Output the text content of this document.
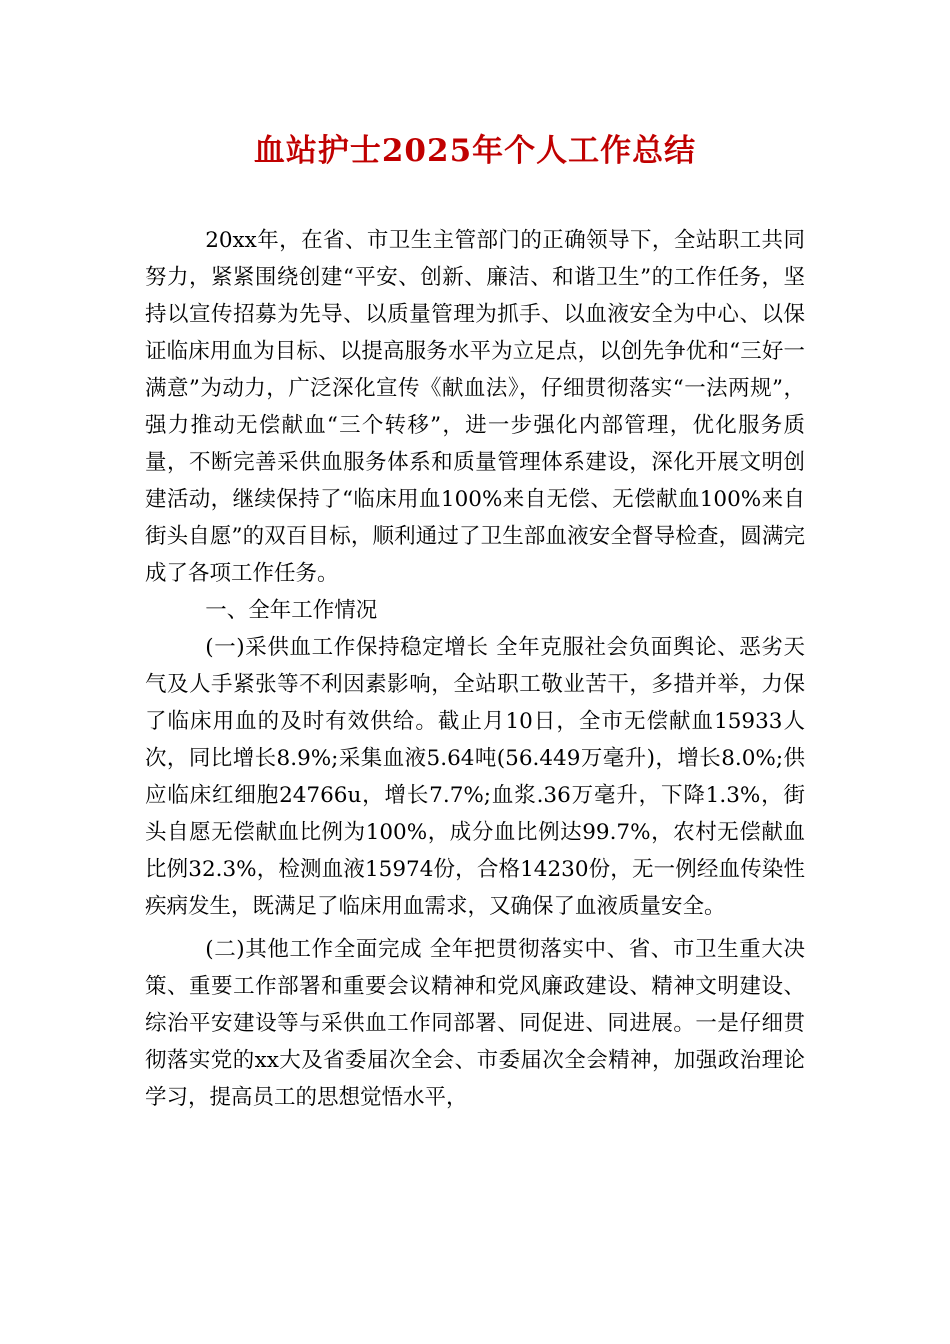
血站护士2025年个人工作总结

20xx年，在省、市卫生主管部门的正确领导下，全站职工共同努力，紧紧围绕创建“平安、创新、廉洁、和谐卫生”的工作任务，坚持以宣传招募为先导、以质量管理为抓手、以血液安全为中心、以保证临床用血为目标、以提高服务水平为立足点，以创先争优和“三好一满意”为动力，广泛深化宣传《献血法》，仔细贯彻落实“一法两规”，强力推动无偿献血“三个转移”，进一步强化内部管理，优化服务质量，不断完善采供血服务体系和质量管理体系建设，深化开展文明创建活动，继续保持了“临床用血100%来自无偿、无偿献血100%来自街头自愿”的双百目标，顺利通过了卫生部血液安全督导检查，圆满完成了各项工作任务。

一、全年工作情况

(一)采供血工作保持稳定增长 全年克服社会负面舆论、恶劣天气及人手紧张等不利因素影响，全站职工敬业苦干，多措并举，力保了临床用血的及时有效供给。截止月10日，全市无偿献血15933人次，同比增长8.9%;采集血液5.64吨(56.449万毫升)，增长8.0%;供应临床红细胞24766u，增长7.7%;血浆.36万毫升，下降1.3%，街头自愿无偿献血比例为100%，成分血比例达99.7%，农村无偿献血比例32.3%，检测血液15974份，合格14230份，无一例经血传染性疾病发生，既满足了临床用血需求，又确保了血液质量安全。

(二)其他工作全面完成 全年把贯彻落实中、省、市卫生重大决策、重要工作部署和重要会议精神和党风廉政建设、精神文明建设、综治平安建设等与采供血工作同部署、同促进、同进展。一是仔细贯彻落实党的xx大及省委届次全会、市委届次全会精神，加强政治理论学习，提高员工的思想觉悟水平，
